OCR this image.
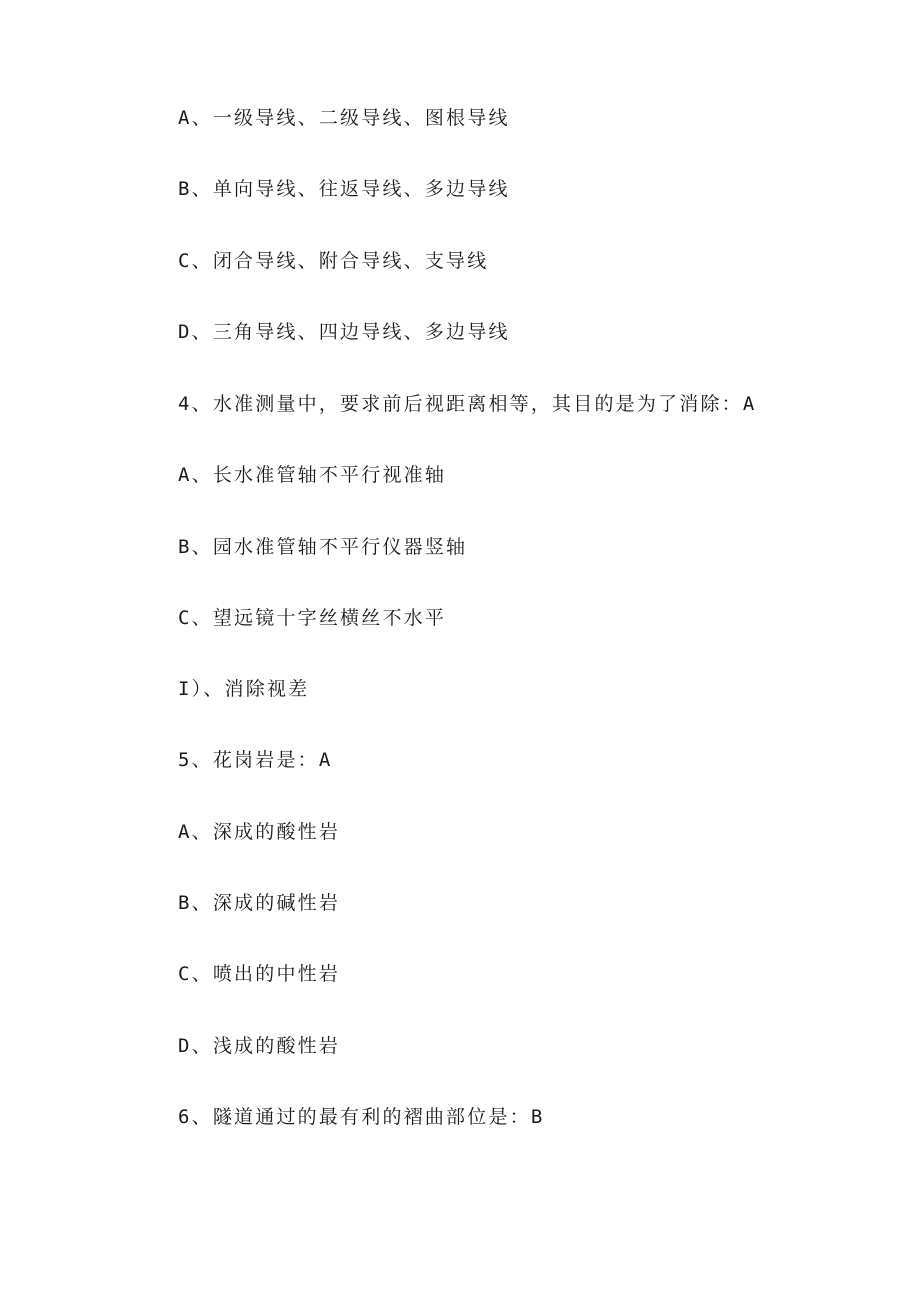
A、一级导线、二级导线、图根导线
B、单向导线、往返导线、多边导线
C、闭合导线、附合导线、支导线
D、三角导线、四边导线、多边导线
4、水准测量中，要求前后视距离相等，其目的是为了消除：A
A、长水准管轴不平行视准轴
B、园水准管轴不平行仪器竖轴
C、望远镜十字丝横丝不水平
I）、消除视差
5、花岗岩是：A
A、深成的酸性岩
B、深成的碱性岩
C、喷出的中性岩
D、浅成的酸性岩
6、隧道通过的最有利的褶曲部位是：B
